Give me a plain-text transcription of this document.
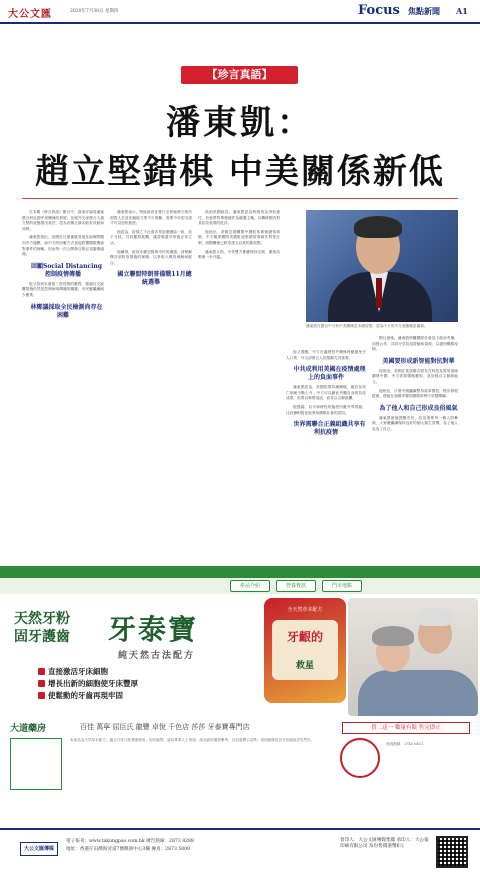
大公文匯	2020年7月30日 星期四	Focus 焦點新聞 A1
【珍言真語】
潘東凱：
趙立堅錯棋 中美關係新低

在本期《珍言真語》節目中，資深評論員潘東凱分析近期中美關係的發展，並就外交部發言人趙立堅的表態提出看法，認為有關言論未能有效緩和局勢。

潘東凱指出，美國近月連番就香港及南海問題向中方施壓，而中方的回應方式直接影響國際輿論對事件的理解，因此每一次公開發言都必須審慎處理。

回顧Social Distancing 控制疫情傳播

他又談到本港第三波疫情的應對，強調社交距離措施仍然是控制病毒傳播的關鍵，市民應繼續減少聚集。

林鄭議採取全民檢測尚存在困難

潘東凱表示，特區政府在推行全民檢測方面仍面對人手及化驗能力等不少困難，需要中央的支援才可以加快進度。

他認為，疫情之下社會各界更應團結一致，放下分歧，共同應對挑戰，讓香港盡早恢復正常生活。

他續指，政府亦應加強與市民的溝通，清楚解釋各項防疫措施的理據，以爭取大眾的理解和配合。

國立聯盟特朗普備戰11月總統選舉

談到美國政局，潘東凱認為特朗普為爭取連任，有意將對華強硬作為競選主軸，以轉移國內對其抗疫表現的批評。

他指出，美國近期關閉中國駐休斯頓總領事館，中方隨即關閉美國駐成都總領事館作對等反制，兩國關係已跌至建交以來的新低點。

潘東凱又指，中美雙方都應保持克制，避免局勢進一步升溫。

他又提醒，中方在處理對外關係時應避免予人口實，外交部發言人的措辭尤其重要。

中共成利用美國在疫情處理上的負面事件

潘東凱認為，美國疫情持續嚴峻，確診及死亡個案不斷上升，中方可以藉此突顯自身的抗疫成果，但要以事實說話，而非以言辭挑釁。

他強調，以平和理性的態度回應外界質疑，比針鋒相對更能爭取國際社會的認同。

世界需聯合正義組織共享有利抗疫情

節目最後，潘東凱呼籲國際社會放下政治考慮，加強合作，共同分享抗疫經驗和資源，以盡快戰勝疫情。

美國要形成新智能對抗對華

他指出，美國正嘗試聯合盟友在科技及貿易領域圍堵中國，中方需要積極應對，並加強自主創新能力。

他相信，只要中國繼續堅持改革開放，穩步發展經濟，便能在複雜多變的國際形勢中站穩陣腳。

為了他人和自己形成良俗風氣

潘東凱最後提醒市民，抗疫需要每一個人的參與，大家應繼續保持良好的個人衞生習慣，為了他人也為了自己。

潘東凱在節目中分析中美關係及本港疫情，認為中方的外交表態應更審慎。
產品介紹	營養資訊	門市地點
天然牙粉
固牙護齒 牙泰寶
純天然古法配方
直接激活牙床細胞
增長出新的細胞使牙床豐厚
使鬆動的牙齒再現牢固
全天然草本配方
牙齦的
救星
大道藥房	百佳 萬寧 屈臣氏 龍豐 卓悅 千色店 莎莎 牙泰寶專門店	買二送一 數量有限 售完即止
本產品為天然草本配方，適合日常口腔護理使用。如有疑問，請向專業人士查詢。產品資料僅供參考，以包裝標示為準。查詢熱線及各分店地址詳見門市。
查詢熱線：2745 6611
大公文匯傳媒
電子報刊：www.takungpao.com.hk 廣告熱線：2873 8288
地址：香港仔田灣海旁道7號興偉中心3樓 傳真：2873 5000
督印人：大公文匯傳媒集團 承印人：大公報印刷有限公司 每份售價港幣6元
